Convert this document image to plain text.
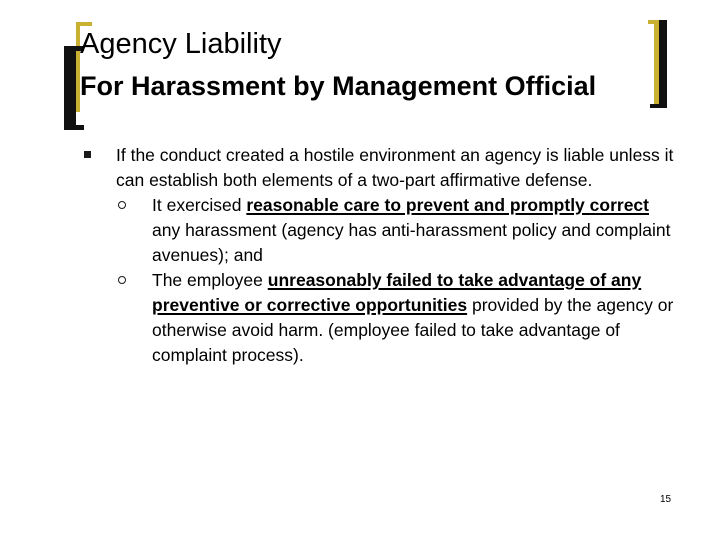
Agency Liability
For Harassment by Management Official
If the conduct created a hostile environment an agency is liable unless it can establish both elements of a two-part affirmative defense.
It exercised reasonable care to prevent and promptly correct any harassment (agency has anti-harassment policy and complaint avenues); and
The employee unreasonably failed to take advantage of any preventive or corrective opportunities provided by the agency or otherwise avoid harm. (employee failed to take advantage of complaint process).
15
